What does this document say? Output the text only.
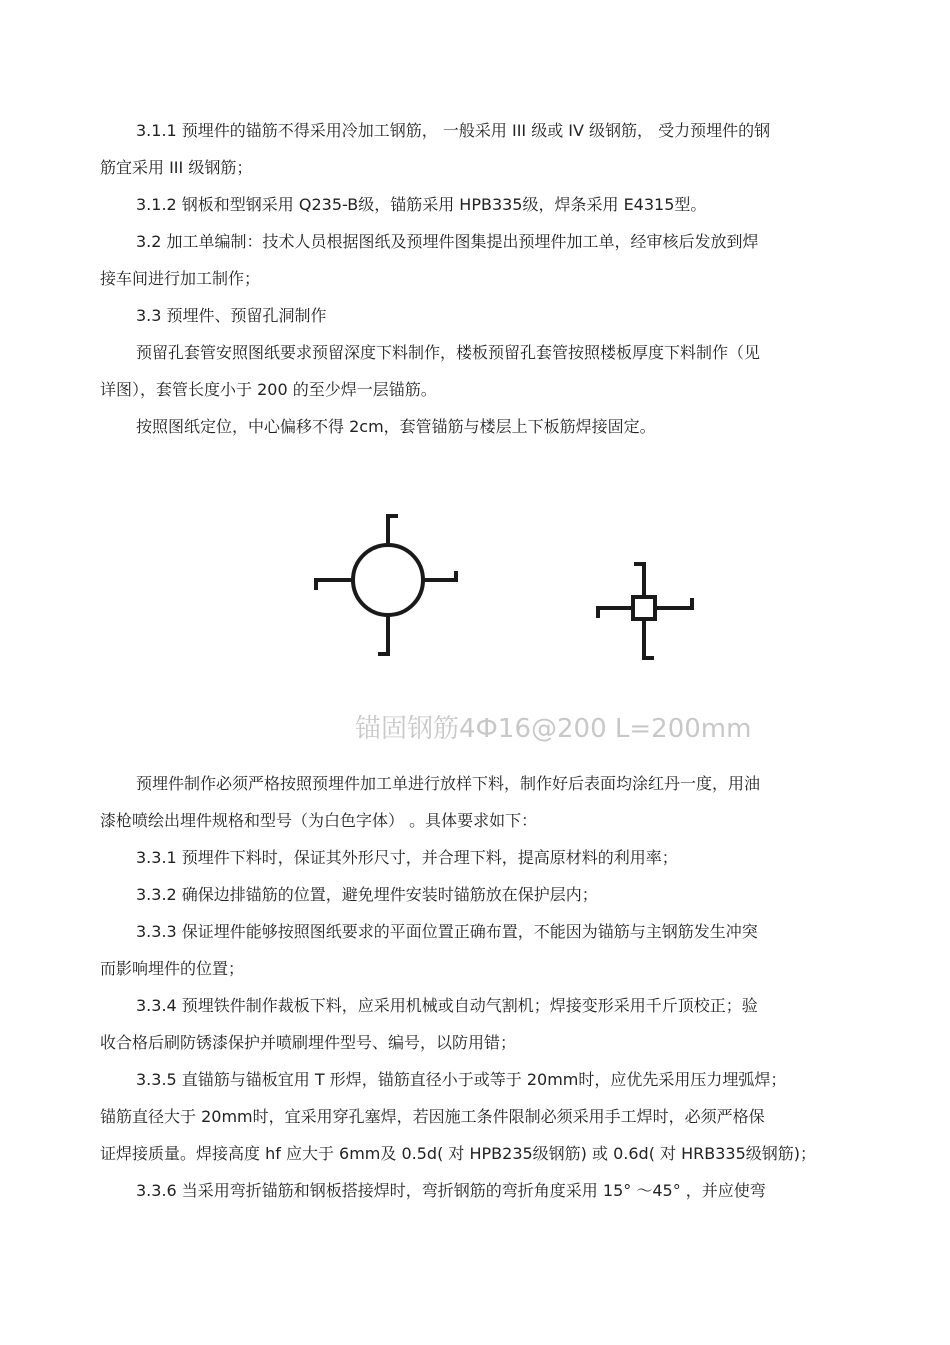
3.1.1 预埋件的锚筋不得采用冷加工钢筋， 一般采用 III 级或 IV 级钢筋， 受力预埋件的钢
筋宜采用 III 级钢筋；
3.1.2 钢板和型钢采用 Q235-B级，锚筋采用 HPB335级，焊条采用 E4315型。
3.2 加工单编制：技术人员根据图纸及预埋件图集提出预埋件加工单，经审核后发放到焊
接车间进行加工制作；
3.3 预埋件、预留孔洞制作
预留孔套管安照图纸要求预留深度下料制作，楼板预留孔套管按照楼板厚度下料制作（见
详图），套管长度小于 200 的至少焊一层锚筋。
按照图纸定位，中心偏移不得 2cm，套管锚筋与楼层上下板筋焊接固定。
锚固钢筋4Ф16@200 L=200mm
预埋件制作必须严格按照预埋件加工单进行放样下料，制作好后表面均涂红丹一度，用油
漆枪喷绘出埋件规格和型号（为白色字体） 。具体要求如下：
3.3.1 预埋件下料时，保证其外形尺寸，并合理下料，提高原材料的利用率；
3.3.2 确保边排锚筋的位置，避免埋件安装时锚筋放在保护层内；
3.3.3 保证埋件能够按照图纸要求的平面位置正确布置，不能因为锚筋与主钢筋发生冲突
而影响埋件的位置；
3.3.4 预埋铁件制作裁板下料，应采用机械或自动气割机；焊接变形采用千斤顶校正；验
收合格后刷防锈漆保护并喷刷埋件型号、编号，以防用错；
3.3.5 直锚筋与锚板宜用 T 形焊，锚筋直径小于或等于 20mm时，应优先采用压力埋弧焊；
锚筋直径大于 20mm时，宜采用穿孔塞焊，若因施工条件限制必须采用手工焊时，必须严格保
证焊接质量。焊接高度 hf 应大于 6mm及 0.5d( 对 HPB235级钢筋) 或 0.6d( 对 HRB335级钢筋)；
3.3.6 当采用弯折锚筋和钢板搭接焊时，弯折钢筋的弯折角度采用 15° ～45° ，并应使弯
